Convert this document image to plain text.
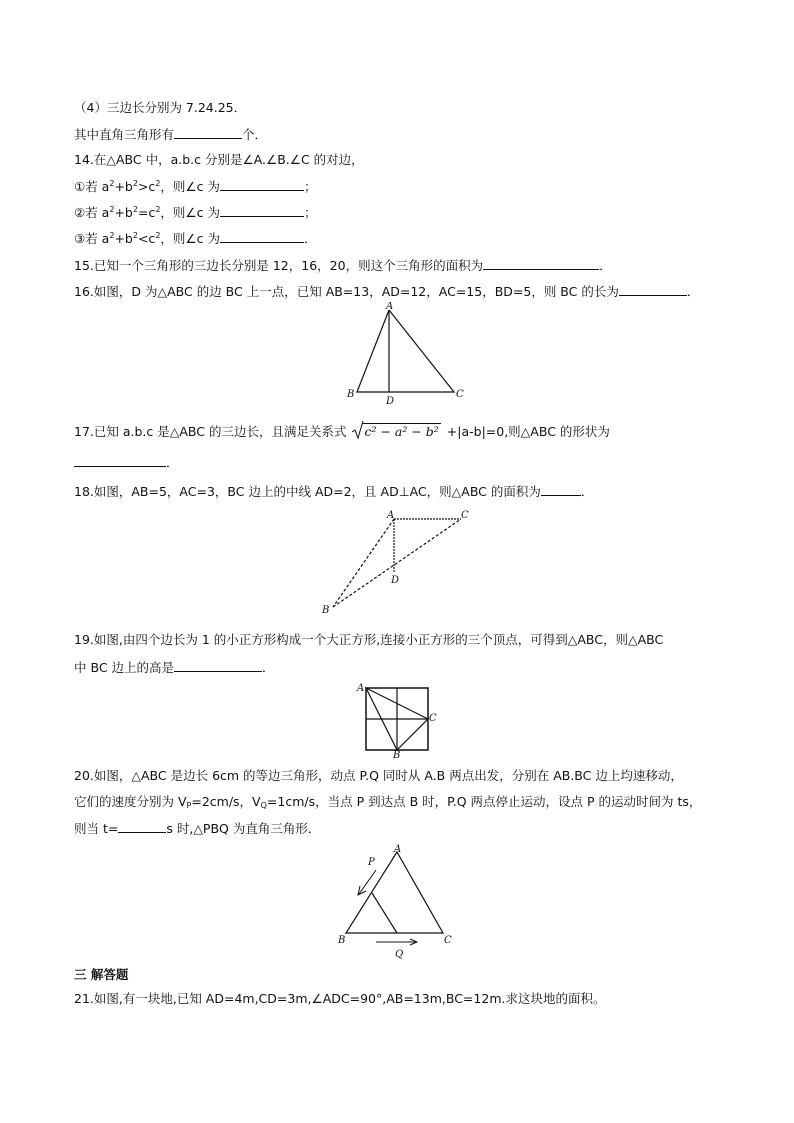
（4）三边长分别为 7.24.25．
其中直角三角形有	个．
14.在△ABC 中，a.b.c 分别是∠A.∠B.∠C 的对边，
①若 $a^2+b^2>c^2$，则∠c 为	；
②若 $a^2+b^2=c^2$，则∠c 为	；
③若 $a^2+b^2<c^2$，则∠c 为	．
15.已知一个三角形的三边长分别是 12，16，20，则这个三角形的面积为	．
16.如图，D 为△ABC 的边 BC 上一点，已知 AB=13，AD=12，AC=15，BD=5，则 BC 的长为	．
A
B	C
D
17.已知 a.b.c 是△ABC 的三边长，且满足关系式 c² − a² − b² +|a-b|=0,则△ABC 的形状为
．
18.如图，AB=5，AC=3，BC 边上的中线 AD=2，且 AD⊥AC，则△ABC 的面积为	．
A	C
D
B
19.如图,由四个边长为 1 的小正方形构成一个大正方形,连接小正方形的三个顶点，可得到△ABC，则△ABC
中 BC 边上的高是	．
A
C
B
20.如图，△ABC 是边长 6cm 的等边三角形，动点 P.Q 同时从 A.B 两点出发，分别在 AB.BC 边上均速移动，
它们的速度分别为 $V_P=2cm/s$，$V_Q=1cm/s$，当点 P 到达点 B 时，P.Q 两点停止运动，设点 P 的运动时间为 ts，
则当 t=	s 时,△PBQ 为直角三角形．
A
P
B	C
Q
三 解答题
21.如图,有一块地,已知 AD=4m,CD=3m,∠ADC=90°,AB=13m,BC=12m.求这块地的面积。
